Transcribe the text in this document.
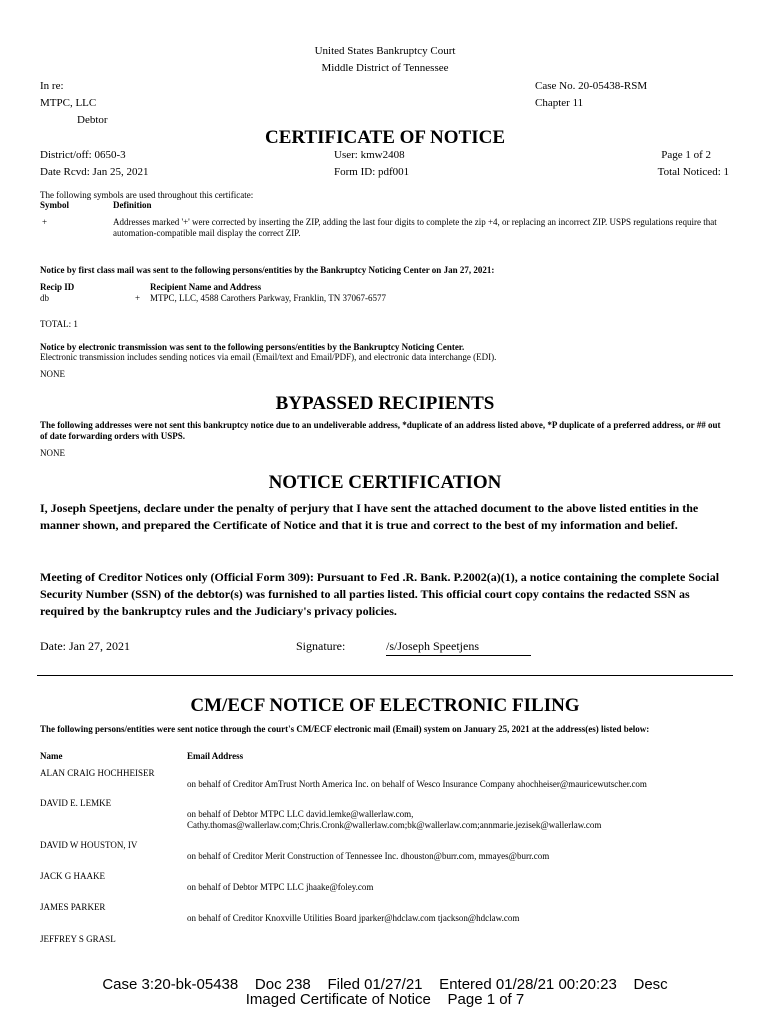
United States Bankruptcy Court
Middle District of Tennessee
In re:
MTPC, LLC
Debtor
Case No. 20-05438-RSM
Chapter 11
CERTIFICATE OF NOTICE
District/off: 0650-3
Date Rcvd: Jan 25, 2021
User: kmw2408
Form ID: pdf001
Page 1 of 2
Total Noticed: 1
The following symbols are used throughout this certificate:
Symbol	Definition
+	Addresses marked '+' were corrected by inserting the ZIP, adding the last four digits to complete the zip +4, or replacing an incorrect ZIP. USPS regulations require that automation-compatible mail display the correct ZIP.
Notice by first class mail was sent to the following persons/entities by the Bankruptcy Noticing Center on Jan 27, 2021:
Recip ID	Recipient Name and Address
db	+ MTPC, LLC, 4588 Carothers Parkway, Franklin, TN 37067-6577
TOTAL: 1
Notice by electronic transmission was sent to the following persons/entities by the Bankruptcy Noticing Center.
Electronic transmission includes sending notices via email (Email/text and Email/PDF), and electronic data interchange (EDI).
NONE
BYPASSED RECIPIENTS
The following addresses were not sent this bankruptcy notice due to an undeliverable address, *duplicate of an address listed above, *P duplicate of a preferred address, or ## out of date forwarding orders with USPS.
NONE
NOTICE CERTIFICATION
I, Joseph Speetjens, declare under the penalty of perjury that I have sent the attached document to the above listed entities in the manner shown, and prepared the Certificate of Notice and that it is true and correct to the best of my information and belief.
Meeting of Creditor Notices only (Official Form 309): Pursuant to Fed .R. Bank. P.2002(a)(1), a notice containing the complete Social Security Number (SSN) of the debtor(s) was furnished to all parties listed. This official court copy contains the redacted SSN as required by the bankruptcy rules and the Judiciary's privacy policies.
Date: Jan 27, 2021	Signature:	/s/Joseph Speetjens
CM/ECF NOTICE OF ELECTRONIC FILING
The following persons/entities were sent notice through the court's CM/ECF electronic mail (Email) system on January 25, 2021 at the address(es) listed below:
Name	Email Address
ALAN CRAIG HOCHHEISER
on behalf of Creditor AmTrust North America Inc. on behalf of Wesco Insurance Company ahochheiser@mauricewutscher.com
DAVID E. LEMKE
on behalf of Debtor MTPC LLC david.lemke@wallerlaw.com, Cathy.thomas@wallerlaw.com;Chris.Cronk@wallerlaw.com;bk@wallerlaw.com;annmarie.jezisek@wallerlaw.com
DAVID W HOUSTON, IV
on behalf of Creditor Merit Construction of Tennessee Inc. dhouston@burr.com, mmayes@burr.com
JACK G HAAKE
on behalf of Debtor MTPC LLC jhaake@foley.com
JAMES PARKER
on behalf of Creditor Knoxville Utilities Board jparker@hdclaw.com tjackson@hdclaw.com
JEFFREY S GRASL
Case 3:20-bk-05438    Doc 238    Filed 01/27/21    Entered 01/28/21 00:20:23    Desc
Imaged Certificate of Notice    Page 1 of 7
